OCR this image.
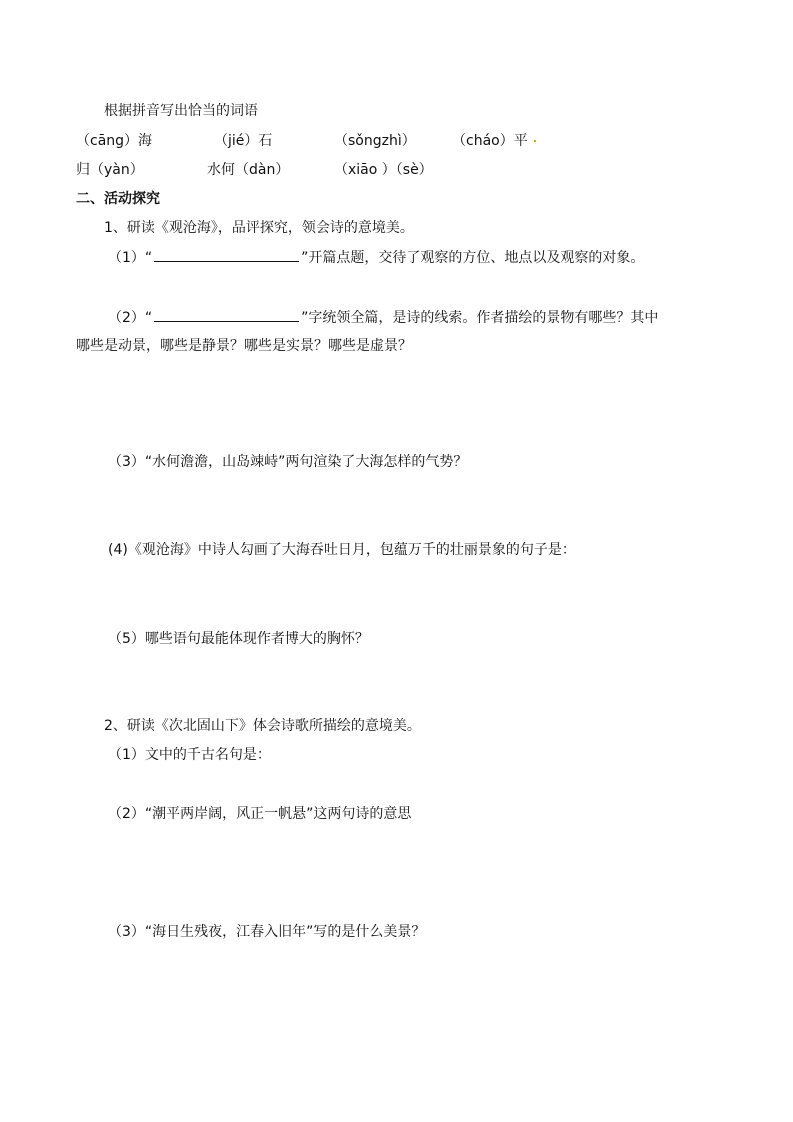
根据拼音写出恰当的词语
（cāng）海	（jié）石	（sǒngzhì）	（cháo）平
归（yàn）	水何（dàn）	（xiāo ）（sè）
二、活动探究
1、研读《观沧海》，品评探究，领会诗的意境美。
（1）“	”开篇点题，交待了观察的方位、地点以及观察的对象。
（2）“	”字统领全篇，是诗的线索。作者描绘的景物有哪些？其中
哪些是动景，哪些是静景？哪些是实景？哪些是虚景？
（3）“水何澹澹，山岛竦峙”两句渲染了大海怎样的气势？
(4)《观沧海》中诗人勾画了大海吞吐日月，包蕴万千的壮丽景象的句子是：
（5）哪些语句最能体现作者博大的胸怀？
2、研读《次北固山下》体会诗歌所描绘的意境美。
（1）文中的千古名句是：
（2）“潮平两岸阔，风正一帆悬”这两句诗的意思
（3）“海日生残夜，江春入旧年”写的是什么美景？
